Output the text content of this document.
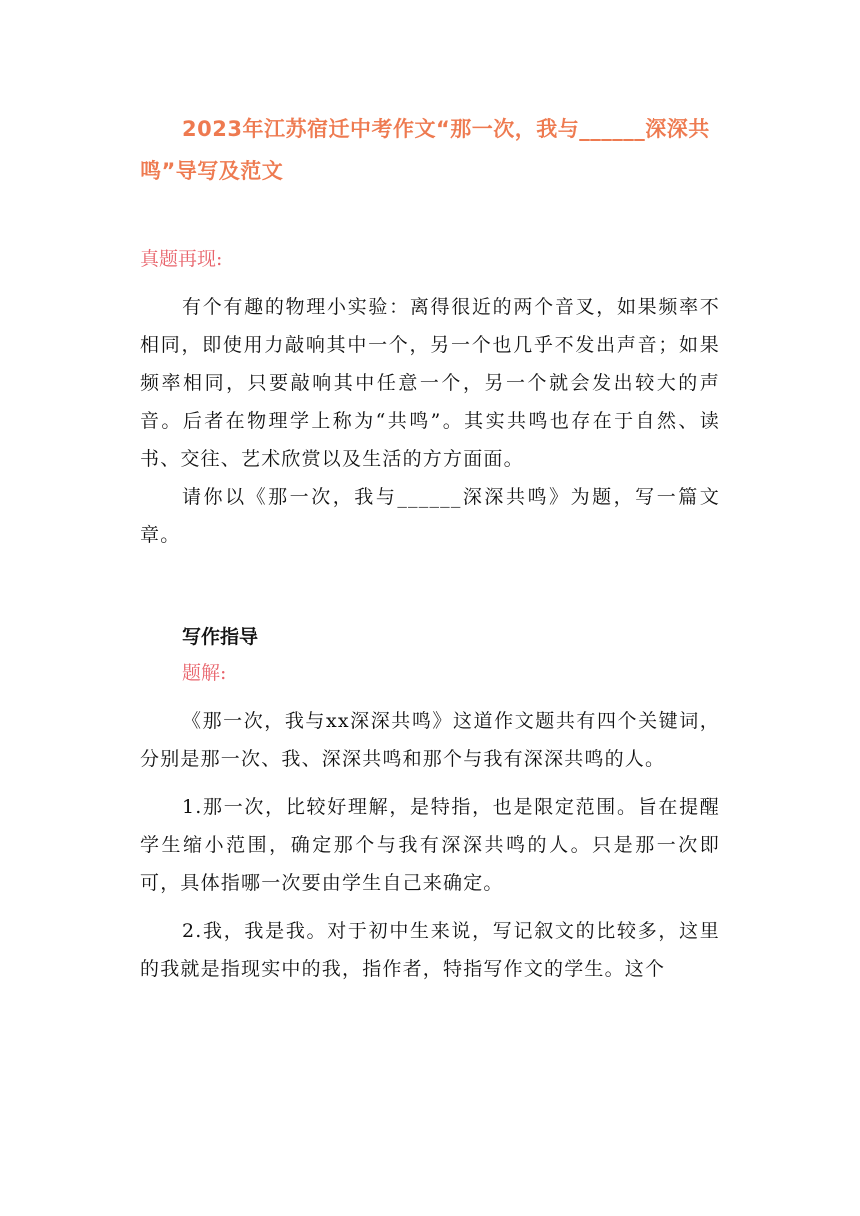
2023年江苏宿迁中考作文“那一次，我与______深深共鸣”导写及范文

真题再现:

有个有趣的物理小实验：离得很近的两个音叉，如果频率不相同，即使用力敲响其中一个，另一个也几乎不发出声音；如果频率相同，只要敲响其中任意一个，另一个就会发出较大的声音。后者在物理学上称为“共鸣”。其实共鸣也存在于自然、读书、交往、艺术欣赏以及生活的方方面面。

请你以《那一次，我与______深深共鸣》为题，写一篇文章。

写作指导

题解:

《那一次，我与xx深深共鸣》这道作文题共有四个关键词，分别是那一次、我、深深共鸣和那个与我有深深共鸣的人。

1.那一次，比较好理解，是特指，也是限定范围。旨在提醒学生缩小范围，确定那个与我有深深共鸣的人。只是那一次即可，具体指哪一次要由学生自己来确定。

2.我，我是我。对于初中生来说，写记叙文的比较多，这里的我就是指现实中的我，指作者，特指写作文的学生。这个
